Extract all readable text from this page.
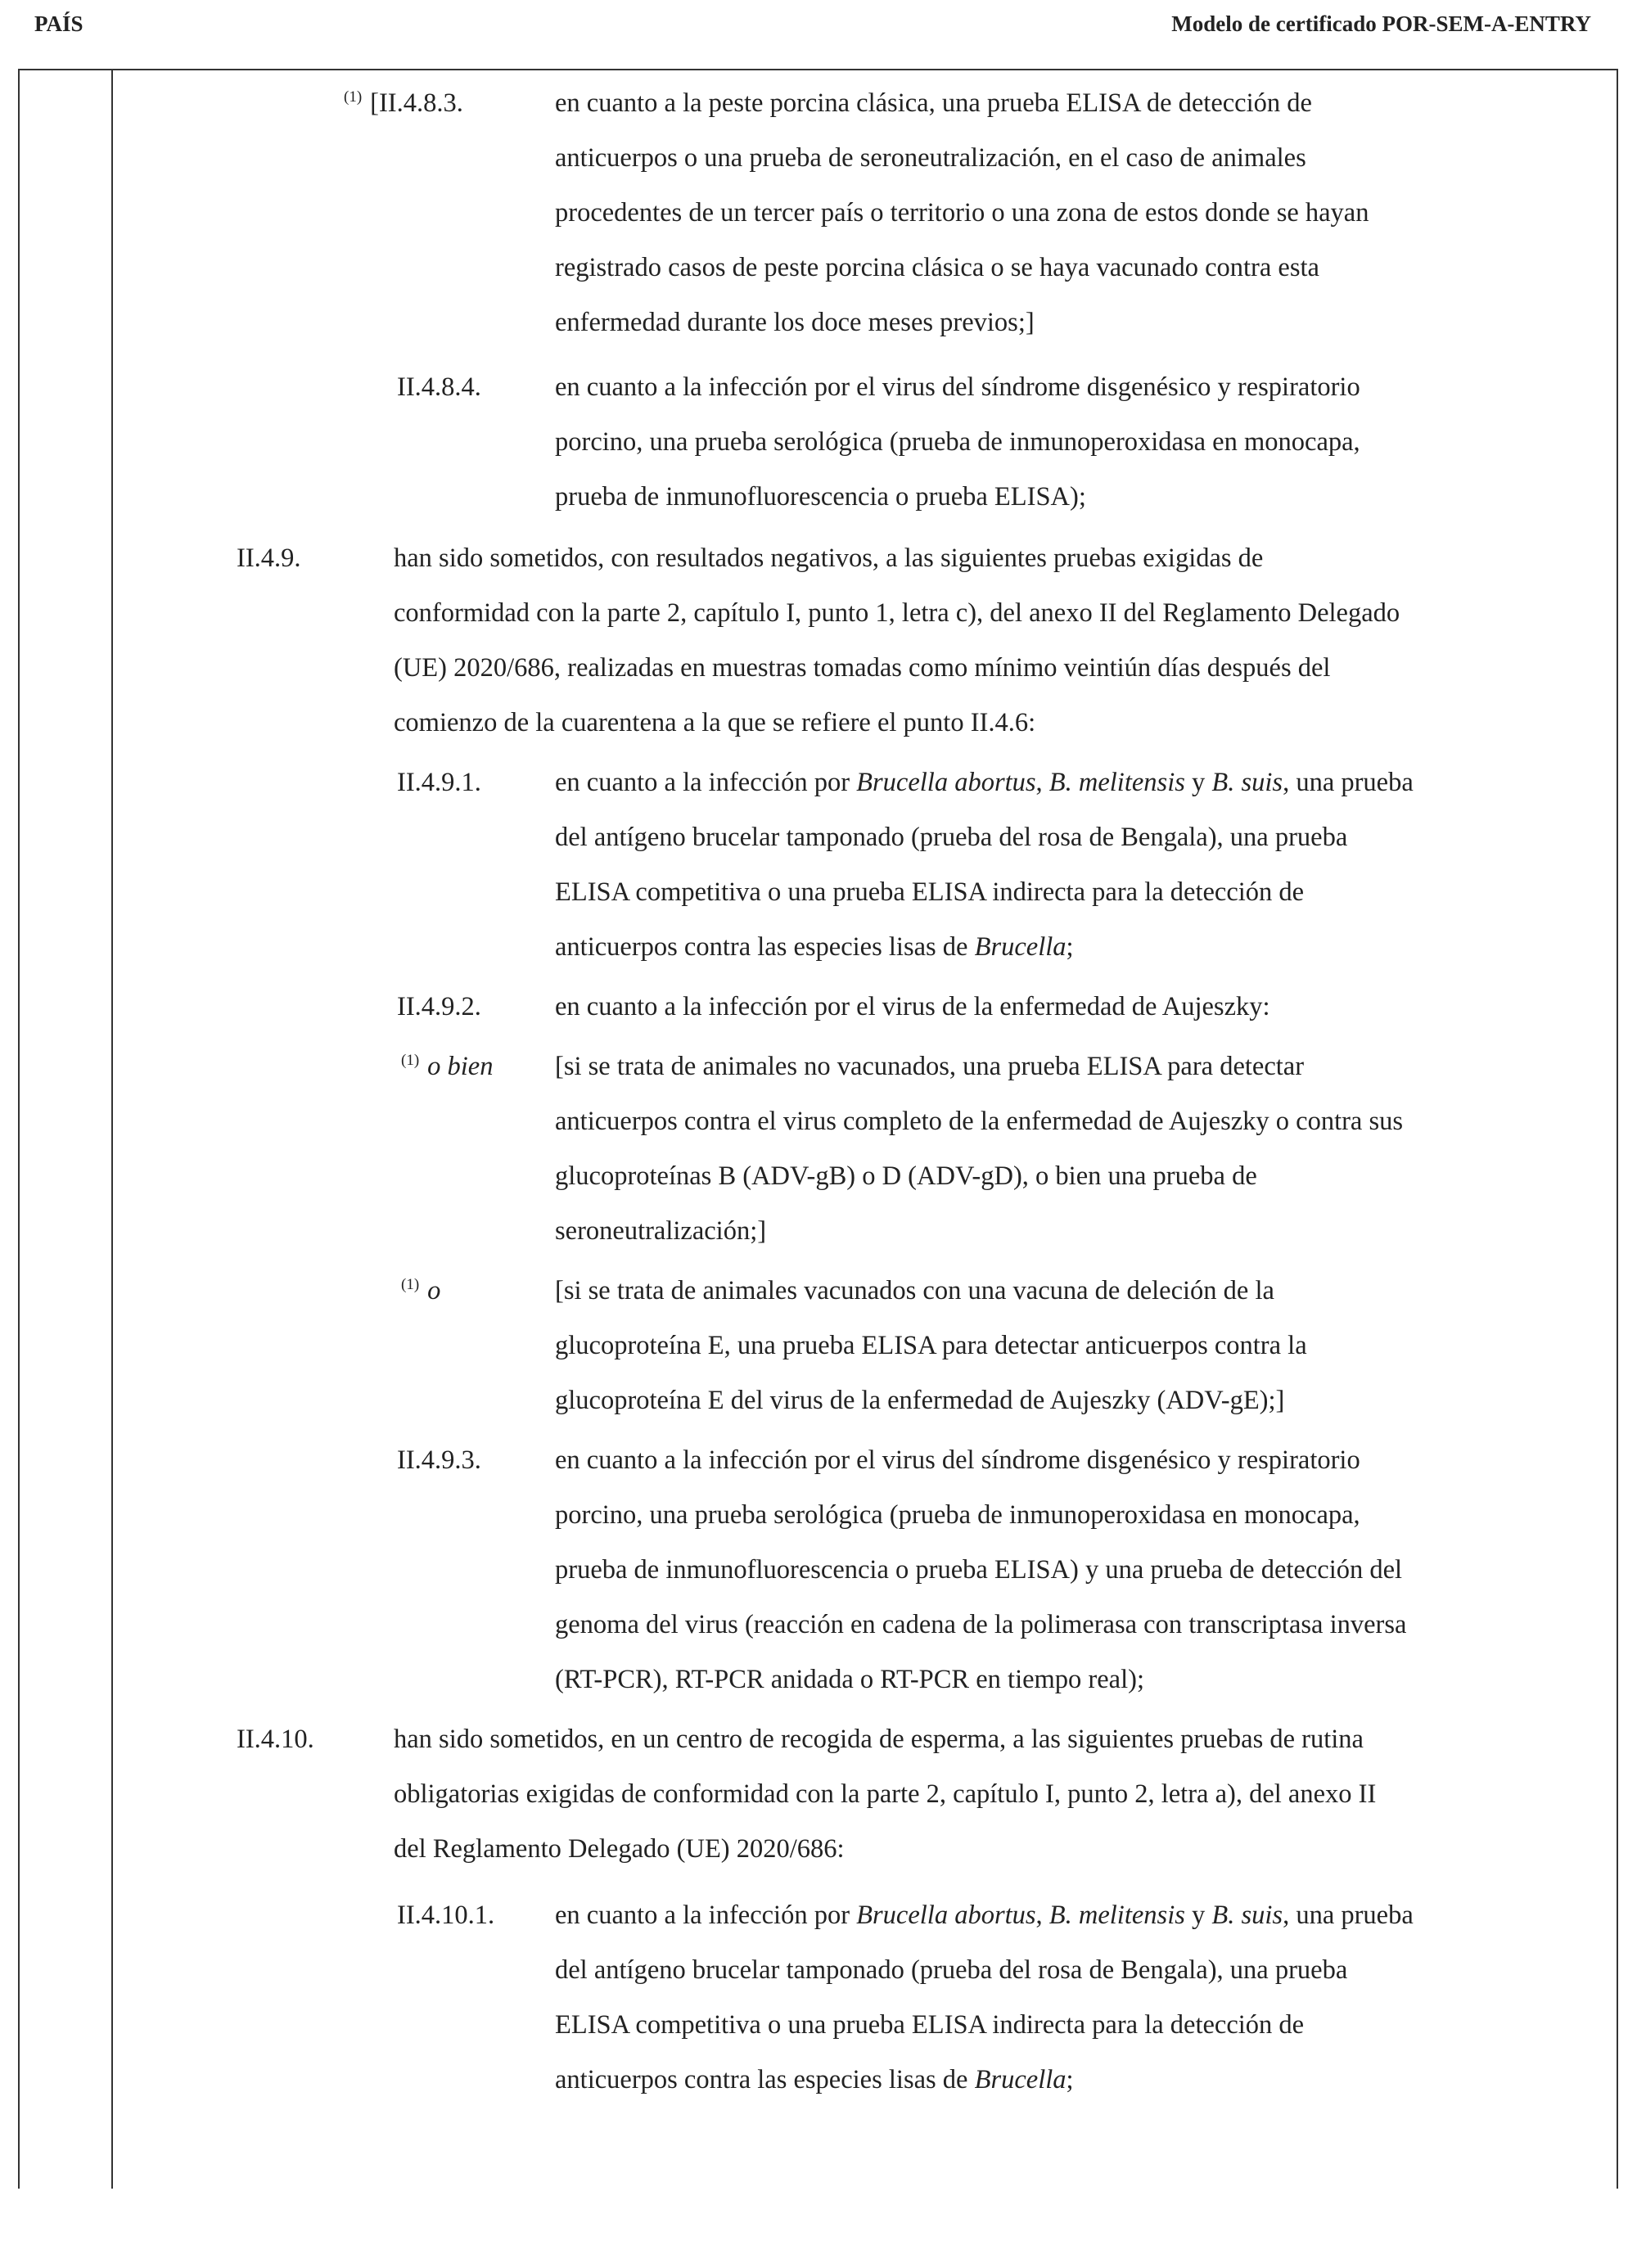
PAÍS	Modelo de certificado POR-SEM-A-ENTRY
$^{(1)}$ [II.4.8.3.	en cuanto a la peste porcina clásica, una prueba ELISA de detección de
anticuerpos o una prueba de seroneutralización, en el caso de animales
procedentes de un tercer país o territorio o una zona de estos donde se hayan
registrado casos de peste porcina clásica o se haya vacunado contra esta
enfermedad durante los doce meses previos;]
II.4.8.4.	en cuanto a la infección por el virus del síndrome disgenésico y respiratorio
porcino, una prueba serológica (prueba de inmunoperoxidasa en monocapa,
prueba de inmunofluorescencia o prueba ELISA);
II.4.9.	han sido sometidos, con resultados negativos, a las siguientes pruebas exigidas de
conformidad con la parte 2, capítulo I, punto 1, letra c), del anexo II del Reglamento Delegado
(UE) 2020/686, realizadas en muestras tomadas como mínimo veintiún días después del
comienzo de la cuarentena a la que se refiere el punto II.4.6:
II.4.9.1.	en cuanto a la infección por Brucella abortus, B. melitensis y B. suis, una prueba
del antígeno brucelar tamponado (prueba del rosa de Bengala), una prueba
ELISA competitiva o una prueba ELISA indirecta para la detección de
anticuerpos contra las especies lisas de Brucella;
II.4.9.2.	en cuanto a la infección por el virus de la enfermedad de Aujeszky:
$^{(1)}$ o bien [si se trata de animales no vacunados, una prueba ELISA para detectar
anticuerpos contra el virus completo de la enfermedad de Aujeszky o contra sus
glucoproteínas B (ADV-gB) o D (ADV-gD), o bien una prueba de
seroneutralización;]
$^{(1)}$ o	[si se trata de animales vacunados con una vacuna de deleción de la
glucoproteína E, una prueba ELISA para detectar anticuerpos contra la
glucoproteína E del virus de la enfermedad de Aujeszky (ADV-gE);]
II.4.9.3.	en cuanto a la infección por el virus del síndrome disgenésico y respiratorio
porcino, una prueba serológica (prueba de inmunoperoxidasa en monocapa,
prueba de inmunofluorescencia o prueba ELISA) y una prueba de detección del
genoma del virus (reacción en cadena de la polimerasa con transcriptasa inversa
(RT-PCR), RT-PCR anidada o RT-PCR en tiempo real);
II.4.10.	han sido sometidos, en un centro de recogida de esperma, a las siguientes pruebas de rutina
obligatorias exigidas de conformidad con la parte 2, capítulo I, punto 2, letra a), del anexo II
del Reglamento Delegado (UE) 2020/686:
II.4.10.1. en cuanto a la infección por Brucella abortus, B. melitensis y B. suis, una prueba
del antígeno brucelar tamponado (prueba del rosa de Bengala), una prueba
ELISA competitiva o una prueba ELISA indirecta para la detección de
anticuerpos contra las especies lisas de Brucella;
